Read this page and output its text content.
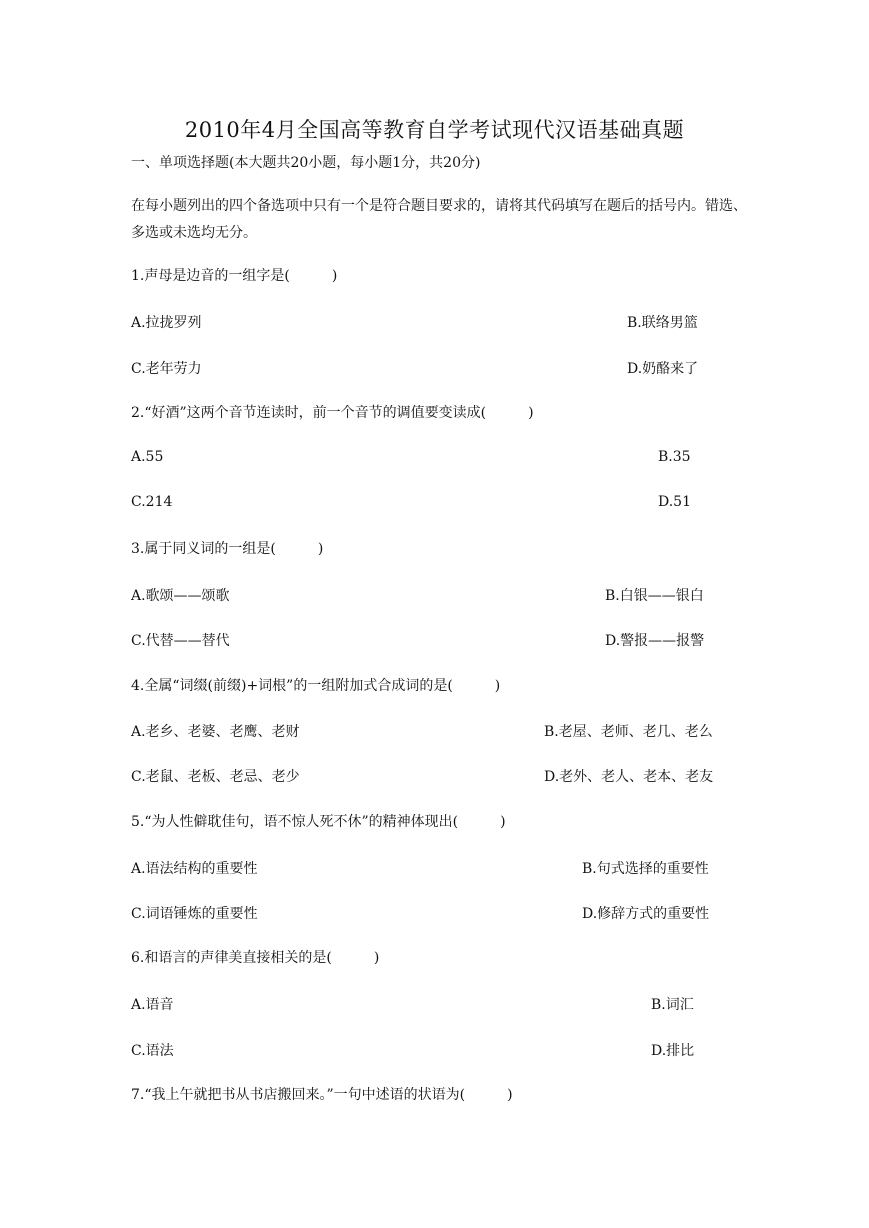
2010年4月全国高等教育自学考试现代汉语基础真题
一、单项选择题(本大题共20小题，每小题1分，共20分)
在每小题列出的四个备选项中只有一个是符合题目要求的，请将其代码填写在题后的括号内。错选、多选或未选均无分。
1.声母是边音的一组字是(　　　)
A.拉拢罗列	B.联络男篮
C.老年劳力	D.奶酪来了
2.“好酒”这两个音节连读时，前一个音节的调值要变读成(　　　)
A.55	B.35
C.214	D.51
3.属于同义词的一组是(　　　)
A.歌颂——颂歌	B.白银——银白
C.代替——替代	D.警报——报警
4.全属“词缀(前缀)+词根”的一组附加式合成词的是(　　　)
A.老乡、老婆、老鹰、老财	B.老屋、老师、老几、老么
C.老鼠、老板、老忌、老少	D.老外、老人、老本、老友
5.“为人性僻耽佳句，语不惊人死不休”的精神体现出(　　　)
A.语法结构的重要性	B.句式选择的重要性
C.词语锤炼的重要性	D.修辞方式的重要性
6.和语言的声律美直接相关的是(　　　)
A.语音	B.词汇
C.语法	D.排比
7.“我上午就把书从书店搬回来。”一句中述语的状语为(　　　)
